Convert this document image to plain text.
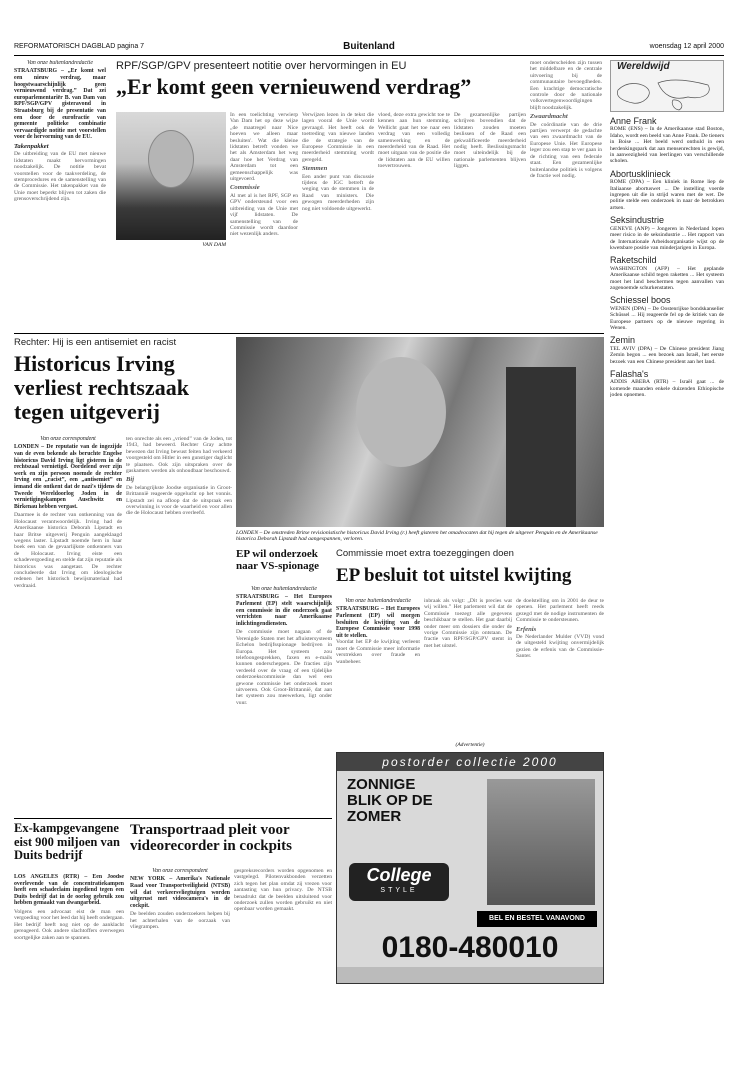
REFORMATORISCH DAGBLAD pagina 7	Buitenland	woensdag 12 april 2000
Van onze buitenlandredactie
STRAATSBURG – „Er komt wel een nieuw verdrag, maar hoogstwaarschijnlijk geen vernieuwend verdrag.” Dat zei europarlementariër B. van Dam van RPF/SGP/GPV gisteravond in Straatsburg bij de presentatie van een door de eurofractie van gemeente politieke combinatie vervaardigde notitie met voorstellen voor de hervorming van de EU.
Takenpakket
De uitbreiding van de EU met nieuwe lidstaten maakt hervormingen noodzakelijk. De notitie bevat voorstellen voor de taakverdeling, de stemprocedures en de samenstelling van de Commissie. Het takenpakket van de Unie moet beperkt blijven tot zaken die grensoverschrijdend zijn.
RPF/SGP/GPV presenteert notitie over hervormingen in EU
„Er komt geen vernieuwend verdrag”
VAN DAM
In een toelichting verwierp Van Dam het op deze wijze „de maatregel naar Nice hoeven we alleen maar besluiten'. Wat die kleine lidstaten betreft vonden we het als Amsterdam het weg daar hoe het Verdrag van Amsterdam tot een gemeenschappelijk was uitgevoerd.
Commissie
Al met al is het RPF, SGP en GPV ondersteund voor een uitbreiding van de Unie met vijf lidstaten. De samenstelling van de Commissie wordt daardoor niet wezenlijk anders.
Verwijzen lezen in de tekst die lagen vooral de Unie wordt gevraagd. Het heeft ook de toetreding van nieuwe landen die de strategie van de Europese Commissie in een meerderheid stemming wordt geregeld.
Stemmen
Een ander punt van discussie tijdens de IGC betreft de weging van de stemmen in de Raad van ministers. Die gewogen meerderheden zijn nog niet voldoende uitgewerkt.
vloed, deze extra gewicht toe te kennen aan hun stemming. Wellicht gaat het toe naar een verdrag van een volledig samenwerking en de meerderheid van de Raad. Het moet uitgaan van de positie die de lidstaten aan de EU willen toevertrouwen.
De gezamenlijke partijen schrijven bovendien dat de lidstaten zouden moeten beslissen of de Raad een gekwalificeerde meerderheid nodig heeft. Beslissingsmacht moet uiteindelijk bij de nationale parlementen blijven liggen.
moet onderscheiden zijn tussen het middelbare en de centrale uitvoering bij de communautaire bevoegdheden. Een krachtige democratische controle door de nationale volksvertegenwoordigingen blijft noodzakelijk.
Zwaardmacht
De coördinatie van de drie partijen verwerpt de gedachte van een zwaardmacht van de Europese Unie. Het Europese leger zou een stap te ver gaan in de richting van een federale staat. Een gezamenlijke buitenlandse politiek is volgens de fractie wel nodig.
Wereldwijd
Anne Frank
ROME (ENS) – In de Amerikaanse stad Boston, Idaho, wordt een beeld van Anne Frank. De tieners in Boise ... Het beeld werd onthuld in een herdenkingspark dat aan mensenrechten is gewijd, in aanwezigheid van leerlingen van verschillende scholen.
Abortusklinieck
ROME (DPA) – Een kliniek in Rome liep de Italiaanse abortuswet ... De instelling voerde ingrepen uit die in strijd waren met de wet. De politie stelde een onderzoek in naar de betrokken artsen.
Seksindustrie
GENEVE (ANP) – Jongeren in Nederland lopen meer risico in de seksindustrie ... Het rapport van de Internationale Arbeidsorganisatie wijst op de kwetsbare positie van minderjarigen in Europa.
Raketschild
WASHINGTON (AFP) – Het geplande Amerikaanse schild tegen raketten ... Het systeem moet het land beschermen tegen aanvallen van zogenoemde schurkenstaten.
Schiessel boos
WENEN (DPA) – De Oostenrijkse bondskanselier Schüssel ... Hij reageerde fel op de kritiek van de Europese partners op de nieuwe regering in Wenen.
Zemin
TEL AVIV (DPA) – De Chinese president Jiang Zemin begon ... een bezoek aan Israël, het eerste bezoek van een Chinese president aan het land.
Falasha's
ADDIS ABEBA (RTR) – Israël gaat ... de komende maanden enkele duizenden Ethiopische joden opnemen.
Rechter: Hij is een antisemiet en racist
Historicus Irving verliest rechtszaak tegen uitgeverij
Van onze correspondent
LONDEN – De reputatie van de ingezijde van de even bekende als beruchte Engelse historicus David Irving ligt gisteren in de rechtszaal vernietigd. Oordelend over zijn werk en zijn persoon noemde de rechter Irving een „racist”, een „antisemiet” en iemand die ontkent dat de nazi's tijdens de Tweede Wereldoorlog Joden in de vernietigingskampen Auschwitz en Birkenau hebben vergast.
Daarmee is de rechter van ontkenning van de Holocaust verantwoordelijk. Irving had de Amerikaanse historica Deborah Lipstadt en haar Britse uitgeverij Penguin aangeklaagd wegens laster. Lipstadt noemde hem in haar boek een van de gevaarlijkste ontkenners van de Holocaust. Irving eiste een schadevergoeding en stelde dat zijn reputatie als historicus was aangetast. De rechter concludeerde dat Irving om ideologische redenen het historisch bewijsmateriaal had verdraaid.
ten onrechte als een „vriend” van de Joden, tot 1943, had beweerd. Rechter Gray achtte bewezen dat Irving bewust feiten had verkeerd voorgesteld om Hitler in een gunstiger daglicht te plaatsen. Ook zijn uitspraken over de gaskamers werden als onhoudbaar beschouwd.
Bij
De belangrijkste Joodse organisatie in Groot-Brittannië reageerde opgelucht op het vonnis. Lipstadt zei na afloop dat de uitspraak een overwinning is voor de waarheid en voor allen die de Holocaust hebben overleefd.
LONDEN – De omstreden Britse revisionistische historicus David Irving (r.) heeft gisteren het omadvocaten dat hij tegen de uitgever Penguin en de Amerikaanse historica Deborah Lipstadt had aangespannen, verloren.
EP wil onderzoek naar VS-spionage
Van onze buitenlandredactie
STRAATSBURG – Het Europees Parlement (EP) stelt waarschijnlijk een commissie in die onderzoek gaat verrichten naar Amerikaanse inlichtingendiensten.
De commissie moet nagaan of de Verenigde Staten met het afluistersysteem Echelon bedrijfsspionage bedrijven in Europa. Het systeem zou telefoongesprekken, faxen en e-mails kunnen onderscheppen. De fracties zijn verdeeld over de vraag of een tijdelijke onderzoekscommissie dan wel een gewone commissie het onderzoek moet uitvoeren. Ook Groot-Brittannië, dat aan het systeem zou meewerken, ligt onder vuur.
Commissie moet extra toezeggingen doen
EP besluit tot uitstel kwijting
Van onze buitenlandredactie
STRAATSBURG – Het Europees Parlement (EP) wil morgen besluiten de kwijting van de Europese Commissie voor 1998 uit te stellen.
Voordat het EP de kwijting verleent moet de Commissie meer informatie verstrekken over fraude en wanbeheer.
inbraak als volgt: „Dit is precies wat wij willen.” Het parlement wil dat de Commissie toezegt alle gegevens beschikbaar te stellen. Het gaat daarbij onder meer om dossiers die onder de vorige Commissie zijn ontstaan. De fractie van RPF/SGP/GPV stemt in met het uitstel.
de doelstelling om in 2001 de deur te openen. Het parlement heeft reeds gezegd met de nodige instrumenten de Commissie te ondersteunen.
Erfenis
De Nederlander Mulder (VVD) vond de uitgesteld kwijting onvermijdelijk gezien de erfenis van de Commissie-Santer.
(Advertentie)
postorder collectie 2000
ZONNIGE
BLIK OP DE
ZOMER
College
STYLE
BEL EN BESTEL VANAVOND
0180-480010
Ex-kampgevangene eist 900 miljoen van Duits bedrijf
LOS ANGELES (RTR) – Een Joodse overlevende van de concentratiekampen heeft een schadeclaim ingediend tegen een Duits bedrijf dat in de oorlog gebruik zou hebben gemaakt van dwangarbeid.
Volgens een advocaat eist de man een vergoeding voor het leed dat hij heeft ondergaan. Het bedrijf heeft nog niet op de aanklacht gereageerd. Ook andere slachtoffers overwegen soortgelijke zaken aan te spannen.
Transportraad pleit voor videorecorder in cockpits
Van onze correspondent
NEW YORK – Amerika's Nationale Raad voor Transportveiligheid (NTSB) wil dat verkeersvliegtuigen worden uitgerust met videocamera's in de cockpit.
De beelden zouden onderzoekers helpen bij het achterhalen van de oorzaak van vliegrampen.
gespreksrecorders worden opgenomen en vastgelegd. Pilotenvakbonden verzetten zich tegen het plan omdat zij vrezen voor aantasting van hun privacy. De NTSB benadrukt dat de beelden uitsluitend voor onderzoek zullen worden gebruikt en niet openbaar worden gemaakt.
